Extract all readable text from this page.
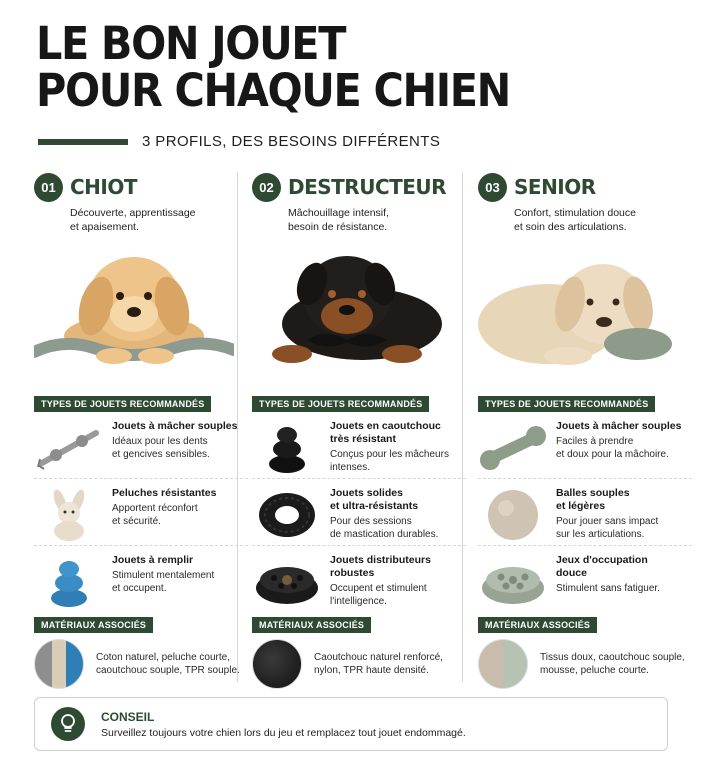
LE BON JOUET
POUR CHAQUE CHIEN
3 PROFILS, DES BESOINS DIFFÉRENTS
01 CHIOT
Découverte, apprentissage
et apaisement.
TYPES DE JOUETS RECOMMANDÉS
Jouets à mâcher souples
Idéaux pour les dents
et gencives sensibles.
Peluches résistantes
Apportent réconfort
et sécurité.
Jouets à remplir
Stimulent mentalement
et occupent.
MATÉRIAUX ASSOCIÉS
Coton naturel, peluche courte,
caoutchouc souple, TPR souple.
02 DESTRUCTEUR
Mâchouillage intensif,
besoin de résistance.
TYPES DE JOUETS RECOMMANDÉS
Jouets en caoutchouc
très résistant
Conçus pour les mâcheurs
intenses.
Jouets solides
et ultra-résistants
Pour des sessions
de mastication durables.
Jouets distributeurs
robustes
Occupent et stimulent
l'intelligence.
MATÉRIAUX ASSOCIÉS
Caoutchouc naturel renforcé,
nylon, TPR haute densité.
03 SENIOR
Confort, stimulation douce
et soin des articulations.
TYPES DE JOUETS RECOMMANDÉS
Jouets à mâcher souples
Faciles à prendre
et doux pour la mâchoire.
Balles souples
et légères
Pour jouer sans impact
sur les articulations.
Jeux d'occupation
douce
Stimulent sans fatiguer.
MATÉRIAUX ASSOCIÉS
Tissus doux, caoutchouc souple,
mousse, peluche courte.
CONSEIL
Surveillez toujours votre chien lors du jeu et remplacez tout jouet endommagé.
